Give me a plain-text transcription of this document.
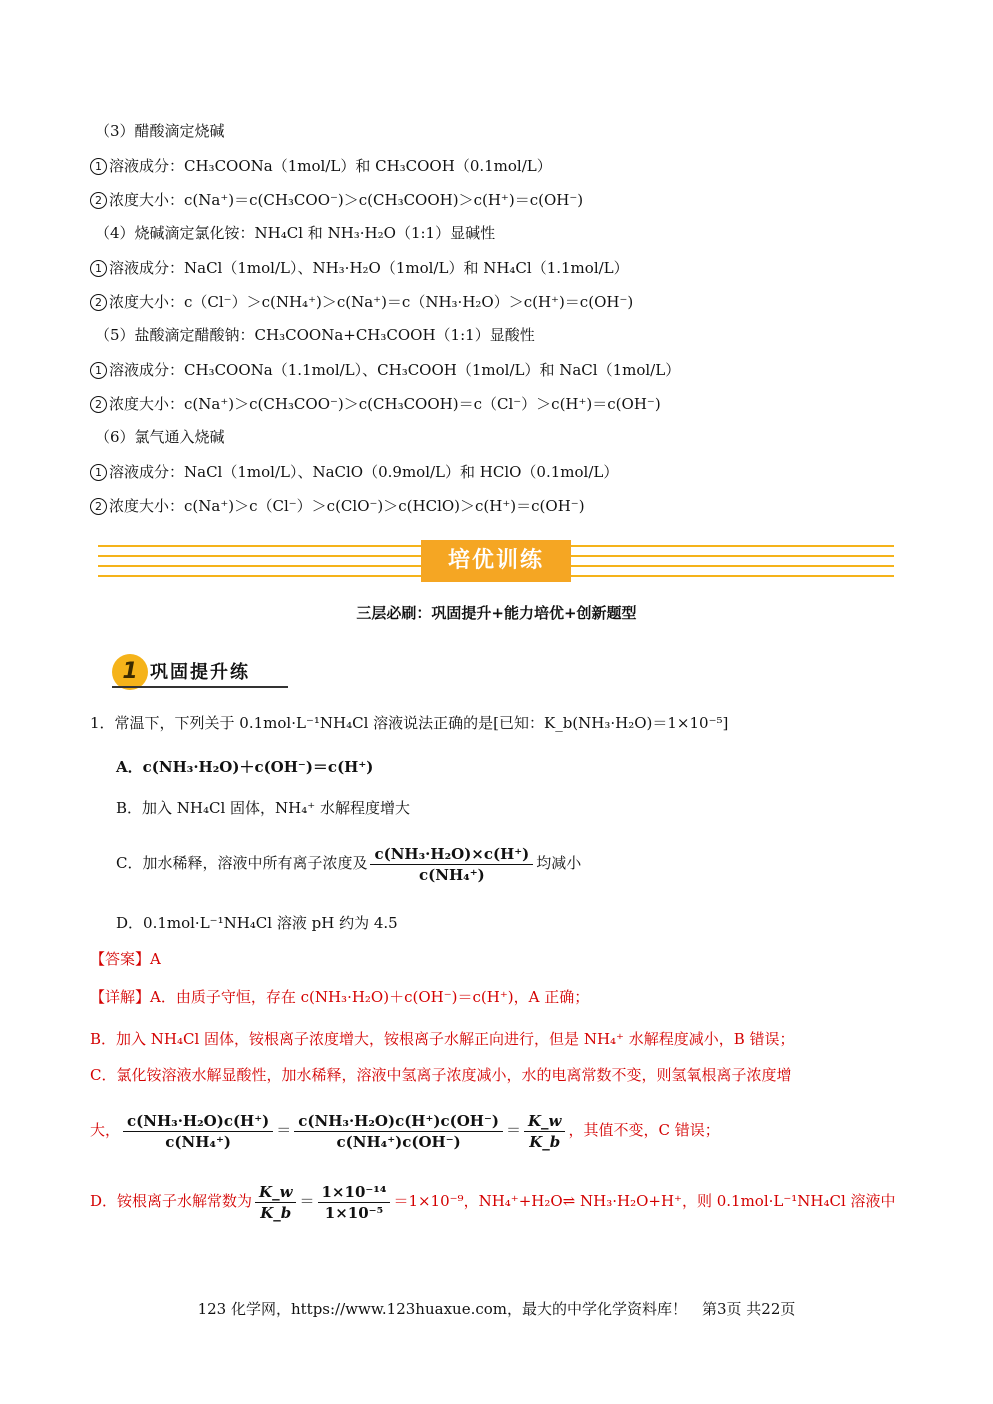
（3）醋酸滴定烧碱
1 溶液成分：CH₃COONa（1mol/L）和 CH₃COOH（0.1mol/L）
2 浓度大小：c(Na⁺)＝c(CH₃COO⁻)＞c(CH₃COOH)＞c(H⁺)＝c(OH⁻)
（4）烧碱滴定氯化铵：NH₄Cl 和 NH₃·H₂O（1:1）显碱性
1 溶液成分：NaCl（1mol/L）、NH₃·H₂O（1mol/L）和 NH₄Cl（1.1mol/L）
2 浓度大小：c（Cl⁻）＞c(NH₄⁺)＞c(Na⁺)＝c（NH₃·H₂O）＞c(H⁺)＝c(OH⁻)
（5）盐酸滴定醋酸钠：CH₃COONa+CH₃COOH（1:1）显酸性
1 溶液成分：CH₃COONa（1.1mol/L）、CH₃COOH（1mol/L）和 NaCl（1mol/L）
2 浓度大小：c(Na⁺)＞c(CH₃COO⁻)＞c(CH₃COOH)＝c（Cl⁻）＞c(H⁺)＝c(OH⁻)
（6）氯气通入烧碱
1 溶液成分：NaCl（1mol/L）、NaClO（0.9mol/L）和 HClO（0.1mol/L）
2 浓度大小：c(Na⁺)＞c（Cl⁻）＞c(ClO⁻)＞c(HClO)＞c(H⁺)＝c(OH⁻)
培优训练
三层必刷：巩固提升+能力培优+创新题型
1 巩固提升练
1．常温下，下列关于 0.1mol·L⁻¹NH₄Cl 溶液说法正确的是[已知：K_b(NH₃·H₂O)＝1×10⁻⁵]
A．c(NH₃·H₂O)＋c(OH⁻)＝c(H⁺)
B．加入 NH₄Cl 固体，NH₄⁺ 水解程度增大
C．加水稀释，溶液中所有离子浓度及 $\frac{\text{c(NH₃·H₂O)×c(H⁺)}}{\text{c(NH₄⁺)}}$ 均减小
D．0.1mol·L⁻¹NH₄Cl 溶液 pH 约为 4.5
【答案】A
【详解】A．由质子守恒，存在 c(NH₃·H₂O)＋c(OH⁻)＝c(H⁺)，A 正确；
B．加入 NH₄Cl 固体，铵根离子浓度增大，铵根离子水解正向进行，但是 NH₄⁺ 水解程度减小，B 错误；
C．氯化铵溶液水解显酸性，加水稀释，溶液中氢离子浓度减小，水的电离常数不变，则氢氧根离子浓度增
大， $\frac{\text{c(NH₃·H₂O)c(H⁺)}}{\text{c(NH₄⁺)}} = \frac{\text{c(NH₃·H₂O)c(H⁺)c(OH⁻)}}{\text{c(NH₄⁺)c(OH⁻)}} = \frac{K\_w}{K\_b}$ ，其值不变，C 错误；
D．铵根离子水解常数为 $\frac{K\_w}{K\_b} = \frac{\text{1×10⁻¹⁴}}{\text{1×10⁻⁵}} =1\times 10^{-9}$，NH₄⁺+H₂O⇌ NH₃·H₂O+H⁺，则 0.1mol·L⁻¹NH₄Cl 溶液中
123 化学网，https://www.123huaxue.com，最大的中学化学资料库！　第3页 共22页
